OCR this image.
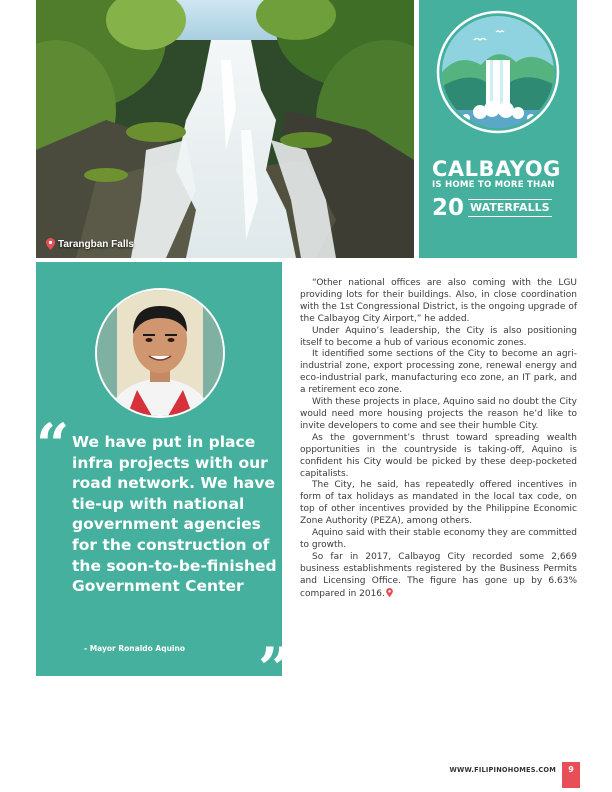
Tarangban Falls
CALBAYOG
IS HOME TO MORE THAN
20 WATERFALLS
“ We have put in place infra projects with our road network. We have tie-up with national government agencies for the construction of the soon-to-be-finished Government Center
- Mayor Ronaldo Aquino ”

“Other national offices are also coming with the LGU providing lots for their buildings. Also, in close coordination with the 1st Congressional District, is the ongoing upgrade of the Calbayog City Airport,” he added.

Under Aquino’s leadership, the City is also positioning itself to become a hub of various economic zones.

It identified some sections of the City to become an agri-industrial zone, export processing zone, renewal energy and eco-industrial park, manufacturing eco zone, an IT park, and a retirement eco zone.

With these projects in place, Aquino said no doubt the City would need more housing projects the reason he’d like to invite developers to come and see their humble City.

As the government’s thrust toward spreading wealth opportunities in the countryside is taking-off, Aquino is confident his City would be picked by these deep-pocketed capitalists.

The City, he said, has repeatedly offered incentives in form of tax holidays as mandated in the local tax code, on top of other incentives provided by the Philippine Economic Zone Authority (PEZA), among others.

Aquino said with their stable economy they are committed to growth.

So far in 2017, Calbayog City recorded some 2,669 business establishments registered by the Business Permits and Licensing Office. The figure has gone up by 6.63% compared in 2016.

WWW.FILIPINOHOMES.COM	9
